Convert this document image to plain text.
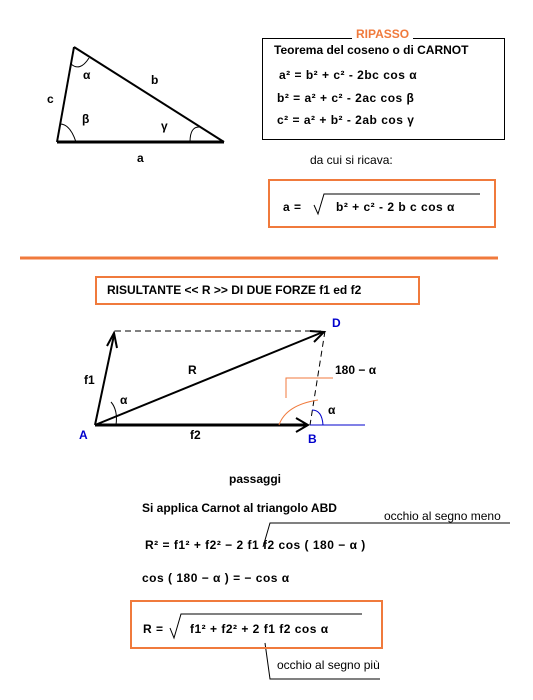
c
b
a
α
β	γ
RIPASSO
Teorema del coseno o di CARNOT
a² = b² + c² - 2bc cos α
b² = a² + c² - 2ac cos β
c² = a² + b² - 2ab cos γ
da cui si ricava:
a =	b² + c² - 2 b c cos α
RISULTANTE << R >> DI DUE FORZE f1 ed f2
D
A	B
R
f1
f2
α
α
180 − α
passaggi
Si applica Carnot al triangolo ABD
occhio al segno meno
R² = f1² + f2² − 2 f1 f2 cos ( 180 − α )
cos ( 180 − α ) = − cos α
R = f1² + f2² + 2 f1 f2 cos α
occhio al segno più
